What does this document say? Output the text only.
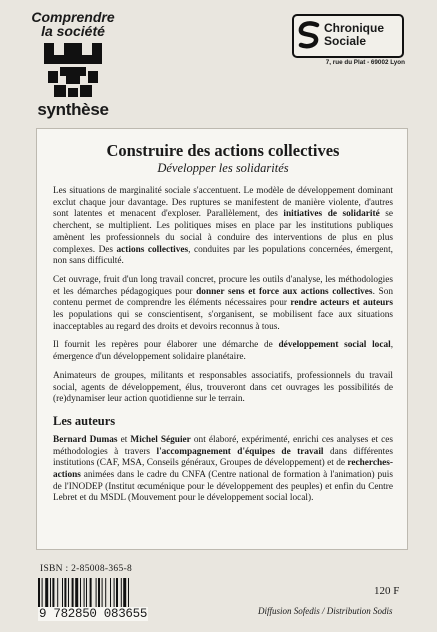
Comprendre
la société
synthèse
Chronique
Sociale
7, rue du Plat - 69002 Lyon
Construire des actions collectives
Développer les solidarités

Les situations de marginalité sociale s'accentuent. Le modèle de développement dominant exclut chaque jour davantage. Des ruptures se manifestent de manière violente, d'autres sont latentes et menacent d'exploser. Parallèlement, des initiatives de solidarité se cherchent, se multiplient. Les politiques mises en place par les institutions publiques amènent les professionnels du social à conduire des interventions de plus en plus complexes. Des actions collectives, conduites par les populations concernées, émergent, non sans difficulté.

Cet ouvrage, fruit d'un long travail concret, procure les outils d'analyse, les méthodologies et les démarches pédagogiques pour donner sens et force aux actions collectives. Son contenu permet de comprendre les éléments nécessaires pour rendre acteurs et auteurs les populations qui se conscientisent, s'organisent, se mobilisent face aux situations inacceptables au regard des droits et devoirs reconnus à tous.

Il fournit les repères pour élaborer une démarche de développement social local, émergence d'un développement solidaire planétaire.

Animateurs de groupes, militants et responsables associatifs, professionnels du travail social, agents de développement, élus, trouveront dans cet ouvrages les possibilités de (re)dynamiser leur action quotidienne sur le terrain.

Les auteurs

Bernard Dumas et Michel Séguier ont élaboré, expérimenté, enrichi ces analyses et ces méthodologies à travers l'accompagnement d'équipes de travail dans différentes institutions (CAF, MSA, Conseils généraux, Groupes de développement) et de recherches-actions animées dans le cadre du CNFA (Centre national de formation à l'animation) puis de l'INODEP (Institut œcuménique pour le développement des peuples) et enfin du Centre Lebret et du MSDL (Mouvement pour le développement social local).

ISBN : 2-85008-365-8
9 782850 083655
120 F
Diffusion Sofedis / Distribution Sodis
